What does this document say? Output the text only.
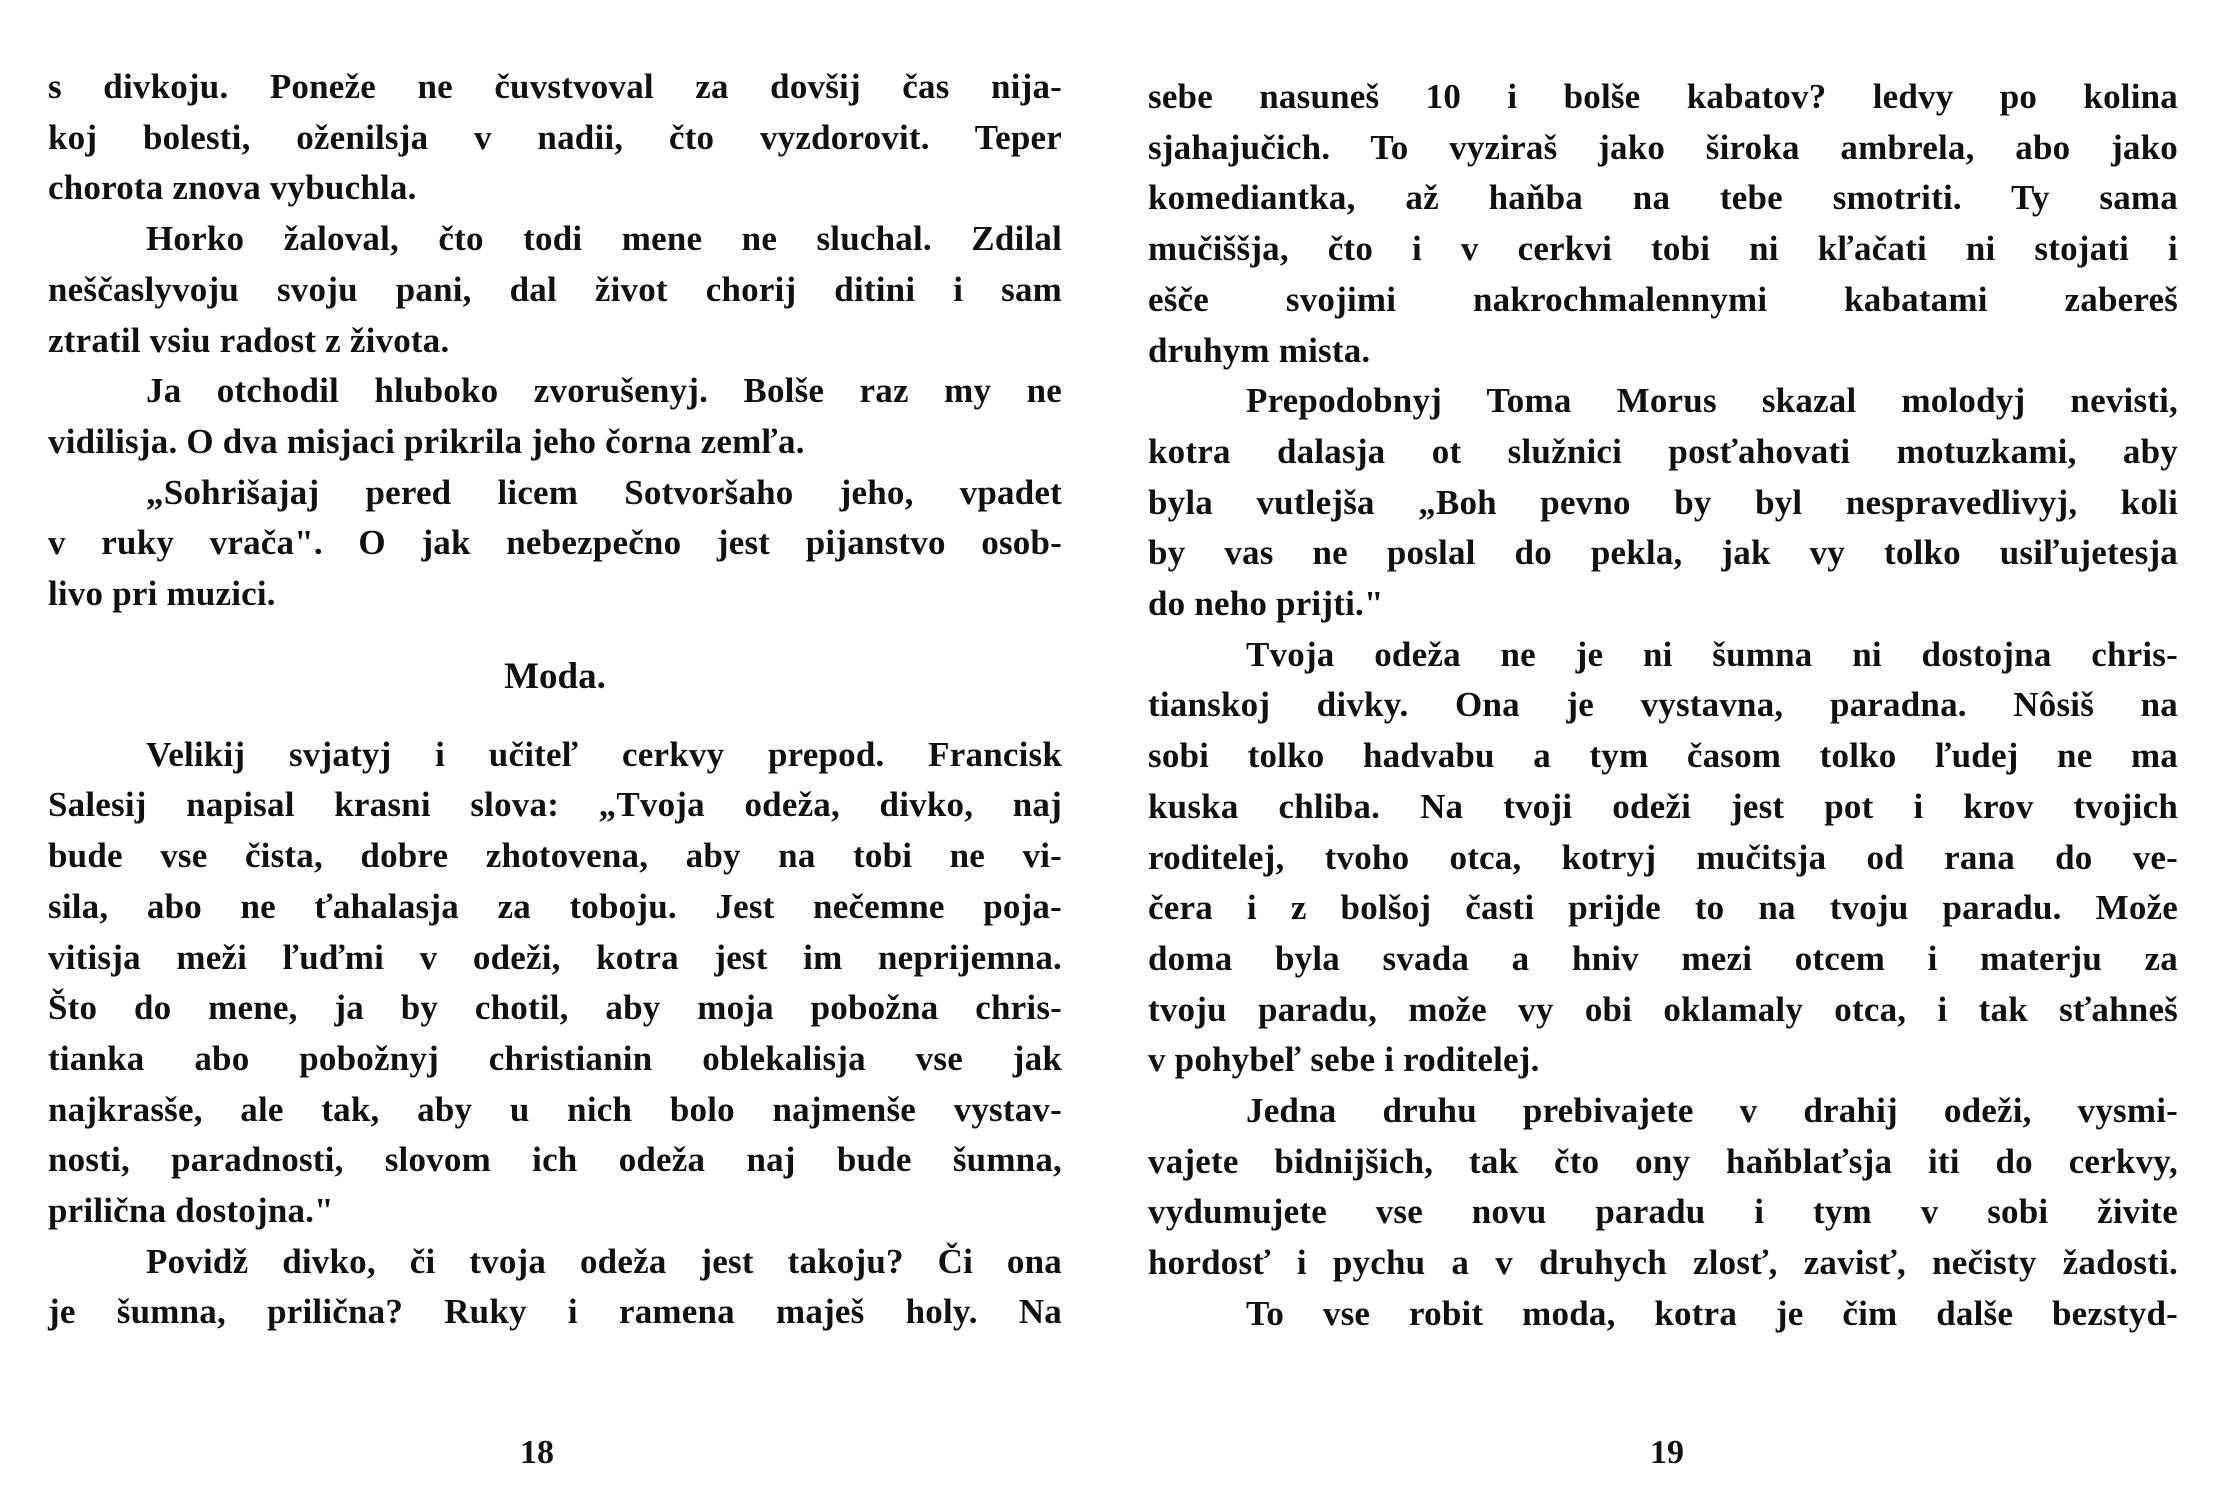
s divkoju. Poneže ne čuvstvoval za dovšij čas nija-
koj bolesti, oženilsja v nadii, čto vyzdorovit. Teper
chorota znova vybuchla.
Horko žaloval, čto todi mene ne sluchal. Zdilal
neščaslyvoju svoju pani, dal život chorij ditini i sam
ztratil vsiu radost z života.
Ja otchodil hluboko zvorušenyj. Bolše raz my ne
vidilisja. O dva misjaci prikrila jeho čorna zemľa.
„Sohrišajaj pered licem Sotvoršaho jeho, vpadet
v ruky vrača". O jak nebezpečno jest pijanstvo osob-
livo pri muzici.
Moda.
Velikij svjatyj i učiteľ cerkvy prepod. Francisk
Salesij napisal krasni slova: „Tvoja odeža, divko, naj
bude vse čista, dobre zhotovena, aby na tobi ne vi-
sila, abo ne ťahalasja za toboju. Jest nečemne poja-
vitisja meži ľuďmi v odeži, kotra jest im neprijemna.
Što do mene, ja by chotil, aby moja pobožna chris-
tianka abo pobožnyj christianin oblekalisja vse jak
najkrasše, ale tak, aby u nich bolo najmenše vystav-
nosti, paradnosti, slovom ich odeža naj bude šumna,
prilična dostojna."
Povidž divko, či tvoja odeža jest takoju? Či ona
je šumna, prilična? Ruky i ramena maješ holy. Na
18
sebe nasuneš 10 i bolše kabatov? ledvy po kolina
sjahajučich. To vyziraš jako široka ambrela, abo jako
komediantka, až haňba na tebe smotriti. Ty sama
mučiššja, čto i v cerkvi tobi ni kľačati ni stojati i
ešče svojimi nakrochmalennymi kabatami zabereš
druhym mista.
Prepodobnyj Toma Morus skazal molodyj nevisti,
kotra dalasja ot služnici posťahovati motuzkami, aby
byla vutlejša „Boh pevno by byl nespravedlivyj, koli
by vas ne poslal do pekla, jak vy tolko usiľujetesja
do neho prijti."
Tvoja odeža ne je ni šumna ni dostojna chris-
tianskoj divky. Ona je vystavna, paradna. Nôsiš na
sobi tolko hadvabu a tym časom tolko ľudej ne ma
kuska chliba. Na tvoji odeži jest pot i krov tvojich
roditelej, tvoho otca, kotryj mučitsja od rana do ve-
čera i z bolšoj časti prijde to na tvoju paradu. Može
doma byla svada a hniv mezi otcem i materju za
tvoju paradu, može vy obi oklamaly otca, i tak sťahneš
v pohybeľ sebe i roditelej.
Jedna druhu prebivajete v drahij odeži, vysmi-
vajete bidnijšich, tak čto ony haňblaťsja iti do cerkvy,
vydumujete vse novu paradu i tym v sobi živite
hordosť i pychu a v druhych zlosť, zavisť, nečisty žadosti.
To vse robit moda, kotra je čim dalše bezstyd-
19
